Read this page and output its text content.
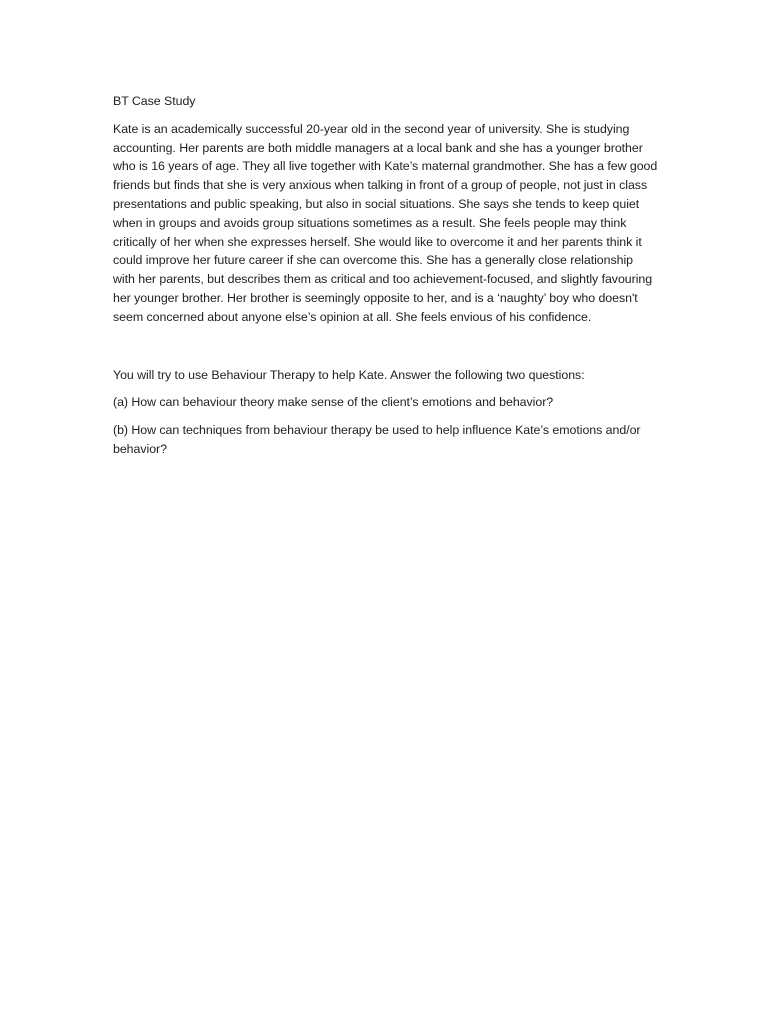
BT Case Study

Kate is an academically successful 20-year old in the second year of university. She is studying accounting. Her parents are both middle managers at a local bank and she has a younger brother who is 16 years of age. They all live together with Kate’s maternal grandmother. She has a few good friends but finds that she is very anxious when talking in front of a group of people, not just in class presentations and public speaking, but also in social situations. She says she tends to keep quiet when in groups and avoids group situations sometimes as a result. She feels people may think critically of her when she expresses herself. She would like to overcome it and her parents think it could improve her future career if she can overcome this. She has a generally close relationship with her parents, but describes them as critical and too achievement-focused, and slightly favouring her younger brother. Her brother is seemingly opposite to her, and is a ‘naughty’ boy who doesn't seem concerned about anyone else’s opinion at all. She feels envious of his confidence.

You will try to use Behaviour Therapy to help Kate. Answer the following two questions:

(a) How can behaviour theory make sense of the client’s emotions and behavior?

(b) How can techniques from behaviour therapy be used to help influence Kate’s emotions and/or behavior?
